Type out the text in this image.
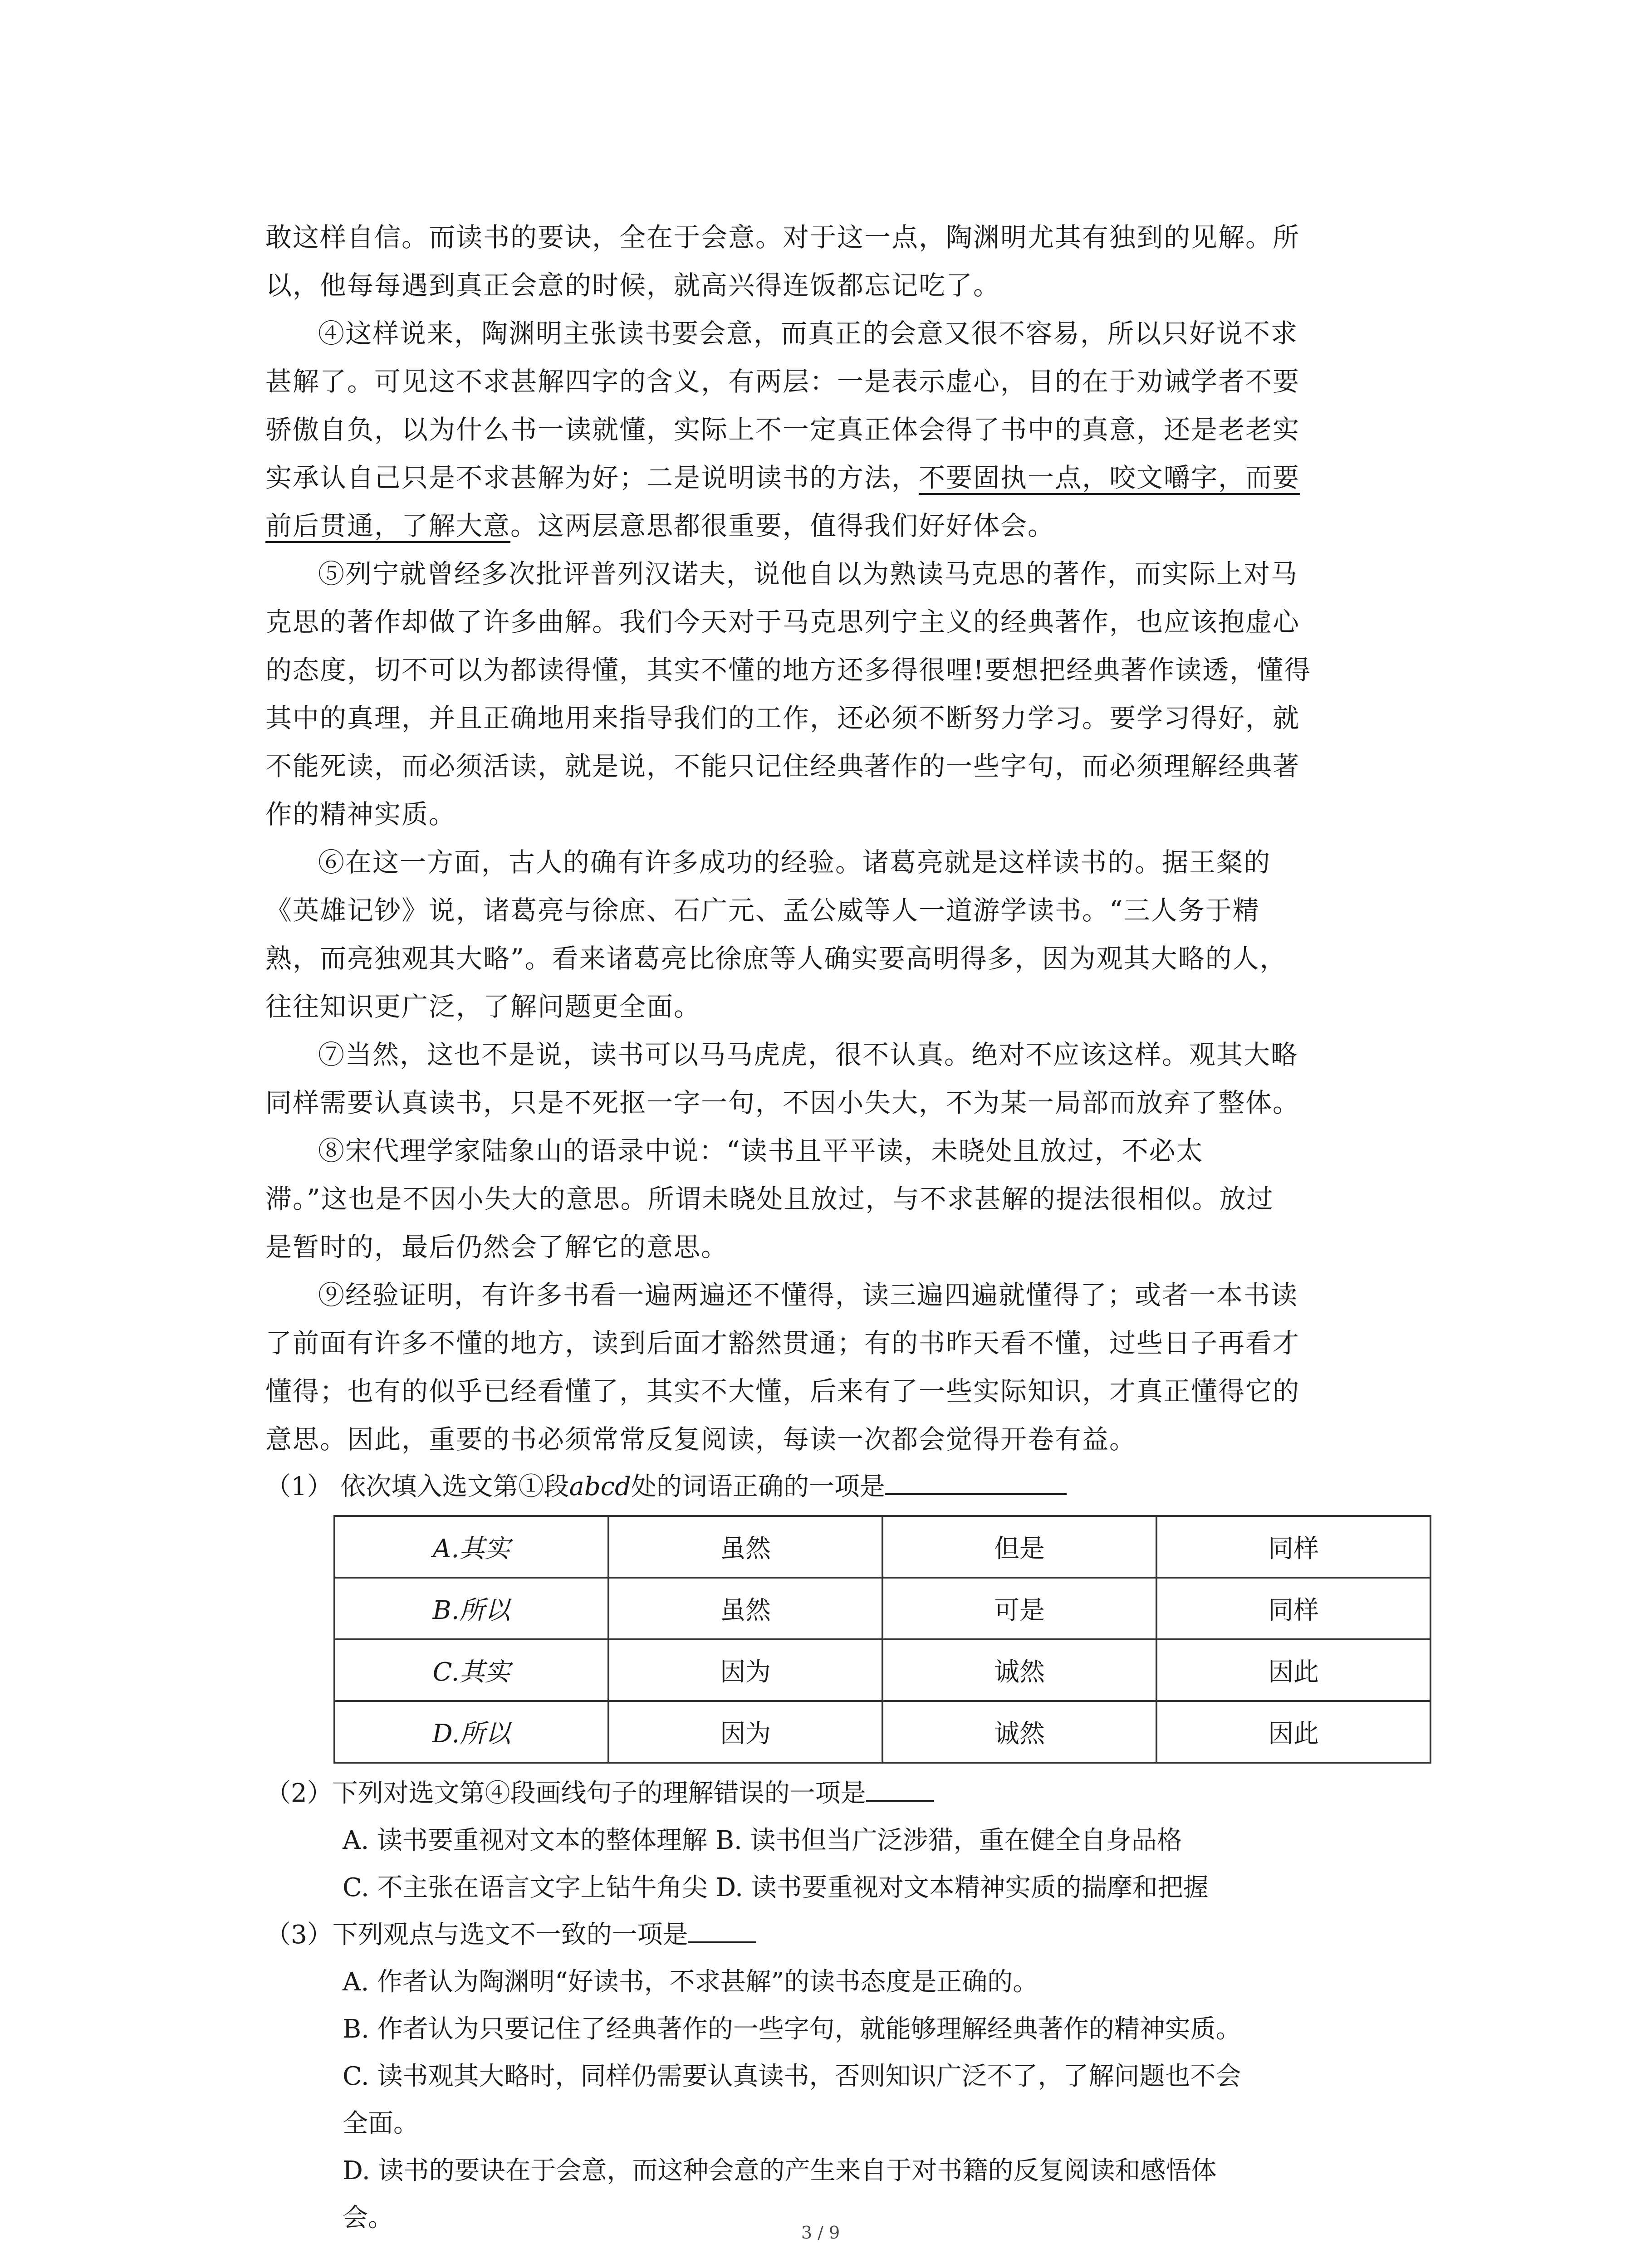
敢这样自信。而读书的要诀，全在于会意。对于这一点，陶渊明尤其有独到的见解。所
以，他每每遇到真正会意的时候，就高兴得连饭都忘记吃了。
④这样说来，陶渊明主张读书要会意，而真正的会意又很不容易，所以只好说不求
甚解了。可见这不求甚解四字的含义，有两层：一是表示虚心，目的在于劝诫学者不要
骄傲自负，以为什么书一读就懂，实际上不一定真正体会得了书中的真意，还是老老实
实承认自己只是不求甚解为好；二是说明读书的方法，不要固执一点，咬文嚼字，而要
前后贯通，了解大意。这两层意思都很重要，值得我们好好体会。
⑤列宁就曾经多次批评普列汉诺夫，说他自以为熟读马克思的著作，而实际上对马
克思的著作却做了许多曲解。我们今天对于马克思列宁主义的经典著作，也应该抱虚心
的态度，切不可以为都读得懂，其实不懂的地方还多得很哩!要想把经典著作读透，懂得
其中的真理，并且正确地用来指导我们的工作，还必须不断努力学习。要学习得好，就
不能死读，而必须活读，就是说，不能只记住经典著作的一些字句，而必须理解经典著
作的精神实质。
⑥在这一方面，古人的确有许多成功的经验。诸葛亮就是这样读书的。据王粲的
《英雄记钞》说，诸葛亮与徐庶、石广元、孟公威等人一道游学读书。“三人务于精
熟，而亮独观其大略”。看来诸葛亮比徐庶等人确实要高明得多，因为观其大略的人，
往往知识更广泛，了解问题更全面。
⑦当然，这也不是说，读书可以马马虎虎，很不认真。绝对不应该这样。观其大略
同样需要认真读书，只是不死抠一字一句，不因小失大，不为某一局部而放弃了整体。
⑧宋代理学家陆象山的语录中说：“读书且平平读，未晓处且放过，不必太
滞。”这也是不因小失大的意思。所谓未晓处且放过，与不求甚解的提法很相似。放过
是暂时的，最后仍然会了解它的意思。
⑨经验证明，有许多书看一遍两遍还不懂得，读三遍四遍就懂得了；或者一本书读
了前面有许多不懂的地方，读到后面才豁然贯通；有的书昨天看不懂，过些日子再看才
懂得；也有的似乎已经看懂了，其实不大懂，后来有了一些实际知识，才真正懂得它的
意思。因此，重要的书必须常常反复阅读，每读一次都会觉得开卷有益。
（1） 依次填入选文第①段abcd处的词语正确的一项是
A.其实	虽然	但是	同样
B.所以	虽然	可是	同样
C.其实	因为	诚然	因此
D.所以	因为	诚然	因此
（2）下列对选文第④段画线句子的理解错误的一项是
A. 读书要重视对文本的整体理解 B. 读书但当广泛涉猎，重在健全自身品格
C. 不主张在语言文字上钻牛角尖 D. 读书要重视对文本精神实质的揣摩和把握
（3）下列观点与选文不一致的一项是
A. 作者认为陶渊明“好读书，不求甚解”的读书态度是正确的。
B. 作者认为只要记住了经典著作的一些字句，就能够理解经典著作的精神实质。
C. 读书观其大略时，同样仍需要认真读书，否则知识广泛不了，了解问题也不会
全面。
D. 读书的要诀在于会意，而这种会意的产生来自于对书籍的反复阅读和感悟体
会。	3 / 9
